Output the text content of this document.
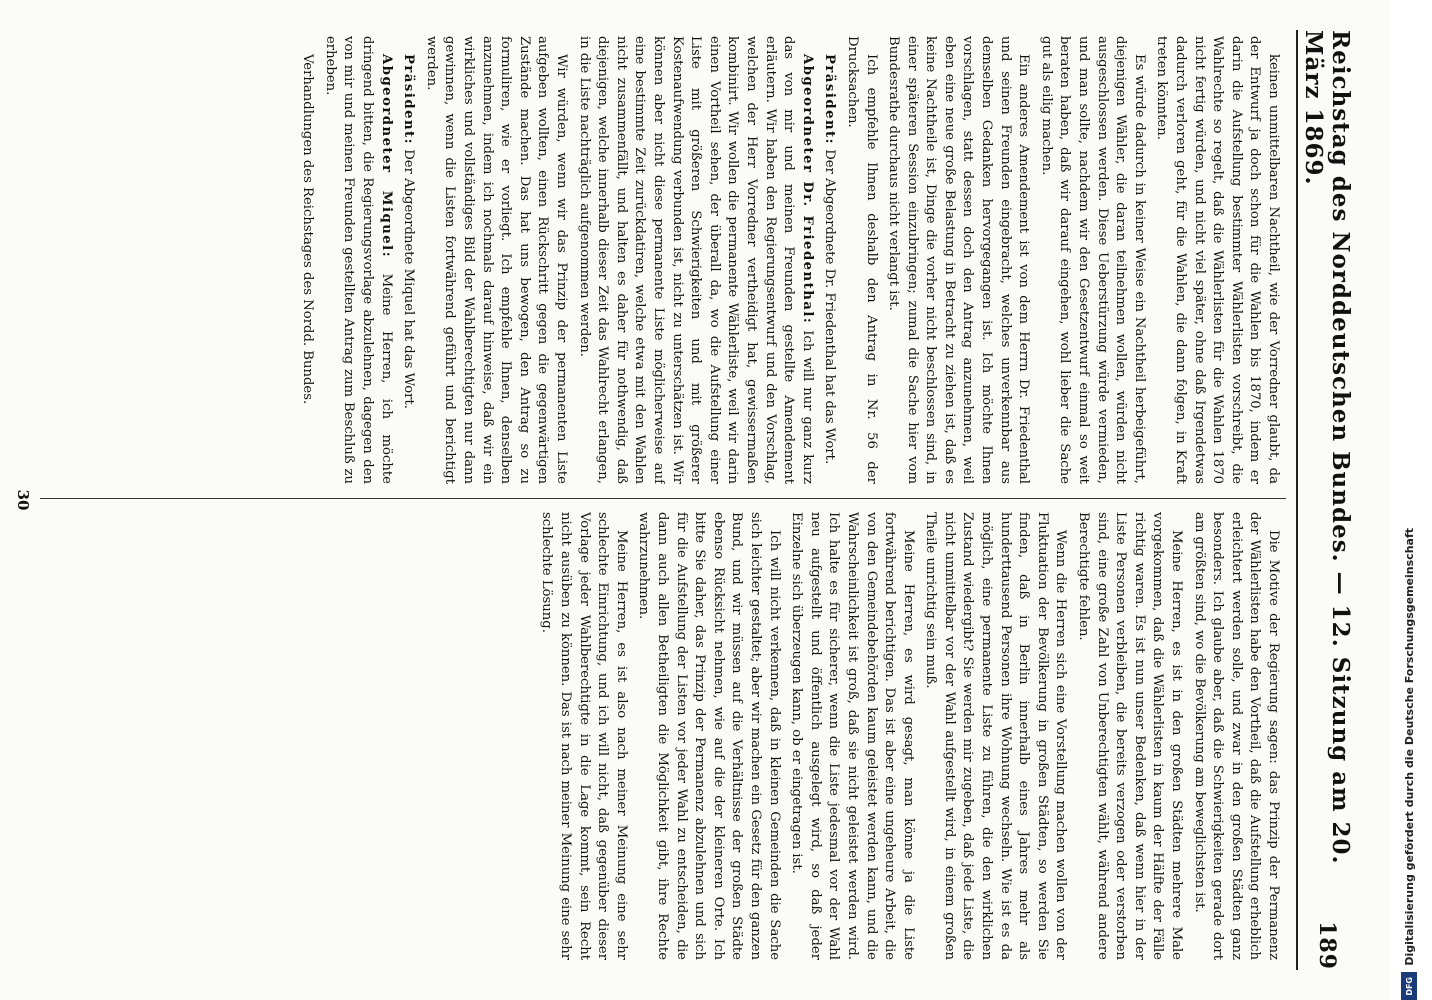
Reichstag des Norddeutschen Bundes. — 12. Sitzung am 20. März 1869.
189

keinen unmittelbaren Nachtheil, wie der Vorredner glaubt, da der Entwurf ja doch schon für die Wahlen bis 1870, indem er darin die Aufstellung bestimmter Wählerlisten vorschreibt, die Wahlrechte so regelt, daß die Wählerlisten für die Wahlen 1870 nicht fertig würden, und nicht viel später, ohne daß Irgendetwas dadurch verloren geht, für die Wahlen, die dann folgen, in Kraft treten könnten.

Es würde dadurch in keiner Weise ein Nachtheil herbeigeführt, diejenigen Wähler, die daran teilnehmen wollen, würden nicht ausgeschlossen werden. Diese Ueberstürzung würde vermieden, und man sollte, nachdem wir den Gesetzentwurf einmal so weit beraten haben, daß wir darauf eingehen, wohl lieber die Sache gut als eilig machen.

Ein anderes Amendement ist von dem Herrn Dr. Friedenthal und seinen Freunden eingebracht, welches unverkennbar aus demselben Gedanken hervorgegangen ist. Ich möchte Ihnen vorschlagen, statt dessen doch den Antrag anzunehmen, weil eben eine neue große Belastung in Betracht zu ziehen ist, daß es keine Nachtheile ist, Dinge die vorher nicht beschlossen sind, in einer späteren Session einzubringen; zumal die Sache hier vom Bundesrathe durchaus nicht verlangt ist.

Ich empfehle Ihnen deshalb den Antrag in Nr. 56 der Drucksachen.

Präsident: Der Abgeordnete Dr. Friedenthal hat das Wort.

Abgeordneter Dr. Friedenthal: Ich will nur ganz kurz das von mir und meinen Freunden gestellte Amendement erläutern. Wir haben den Regierungsentwurf und den Vorschlag, welchen der Herr Vorredner vertheidigt hat, gewissermaßen kombinirt. Wir wollen die permanente Wählerliste, weil wir darin einen Vortheil sehen, der überall da, wo die Aufstellung einer Liste mit größeren Schwierigkeiten und mit größerer Kostenaufwendung verbunden ist, nicht zu unterschätzen ist. Wir können aber nicht diese permanente Liste möglicherweise auf eine bestimmte Zeit zurückdatiren, welche etwa mit den Wahlen nicht zusammenfällt, und halten es daher für nothwendig, daß diejenigen, welche innerhalb dieser Zeit das Wahlrecht erlangen, in die Liste nachträglich aufgenommen werden.

Wir würden, wenn wir das Prinzip der permanenten Liste aufgeben wollten, einen Rückschritt gegen die gegenwärtigen Zustände machen. Das hat uns bewogen, den Antrag so zu formuliren, wie er vorliegt. Ich empfehle Ihnen, denselben anzunehmen, indem ich nochmals darauf hinweise, daß wir ein wirkliches und vollständiges Bild der Wahlberechtigten nur dann gewinnen, wenn die Listen fortwährend geführt und berichtigt werden.

Präsident: Der Abgeordnete Miquel hat das Wort.

Abgeordneter Miquel: Meine Herren, ich möchte dringend bitten, die Regierungsvorlage abzulehnen, dagegen den von mir und meinen Freunden gestellten Antrag zum Beschluß zu erheben.

Verhandlungen des Reichstages des Nordd. Bundes.

Die Motive der Regierung sagen: das Prinzip der Permanenz der Wählerlisten habe den Vortheil, daß die Aufstellung erheblich erleichtert werden solle, und zwar in den großen Städten ganz besonders. Ich glaube aber, daß die Schwierigkeiten gerade dort am größten sind, wo die Bevölkerung am beweglichsten ist.

Meine Herren, es ist in den großen Städten mehrere Male vorgekommen, daß die Wählerlisten in kaum der Hälfte der Fälle richtig waren. Es ist nun unser Bedenken, daß wenn hier in der Liste Personen verbleiben, die bereits verzogen oder verstorben sind, eine große Zahl von Unberechtigten wählt, während andere Berechtigte fehlen.

Wenn die Herren sich eine Vorstellung machen wollen von der Fluktuation der Bevölkerung in großen Städten, so werden Sie finden, daß in Berlin innerhalb eines Jahres mehr als hunderttausend Personen ihre Wohnung wechseln. Wie ist es da möglich, eine permanente Liste zu führen, die den wirklichen Zustand wiedergibt? Sie werden mir zugeben, daß jede Liste, die nicht unmittelbar vor der Wahl aufgestellt wird, in einem großen Theile unrichtig sein muß.

Meine Herren, es wird gesagt, man könne ja die Liste fortwährend berichtigen. Das ist aber eine ungeheure Arbeit, die von den Gemeindebehörden kaum geleistet werden kann, und die Wahrscheinlichkeit ist groß, daß sie nicht geleistet werden wird. Ich halte es für sicherer, wenn die Liste jedesmal vor der Wahl neu aufgestellt und öffentlich ausgelegt wird, so daß jeder Einzelne sich überzeugen kann, ob er eingetragen ist.

Ich will nicht verkennen, daß in kleinen Gemeinden die Sache sich leichter gestaltet; aber wir machen ein Gesetz für den ganzen Bund, und wir müssen auf die Verhältnisse der großen Städte ebenso Rücksicht nehmen, wie auf die der kleineren Orte. Ich bitte Sie daher, das Prinzip der Permanenz abzulehnen und sich für die Aufstellung der Listen vor jeder Wahl zu entscheiden, die dann auch allen Betheiligten die Möglichkeit gibt, ihre Rechte wahrzunehmen.

Meine Herren, es ist also nach meiner Meinung eine sehr schlechte Einrichtung, und ich will nicht, daß gegenüber dieser Vorlage jeder Wahlberechtigte in die Lage kommt, sein Recht nicht ausüben zu können. Das ist nach meiner Meinung eine sehr schlechte Lösung.

30
Digitalisierung gefördert durch die Deutsche Forschungsgemeinschaft
DFG
